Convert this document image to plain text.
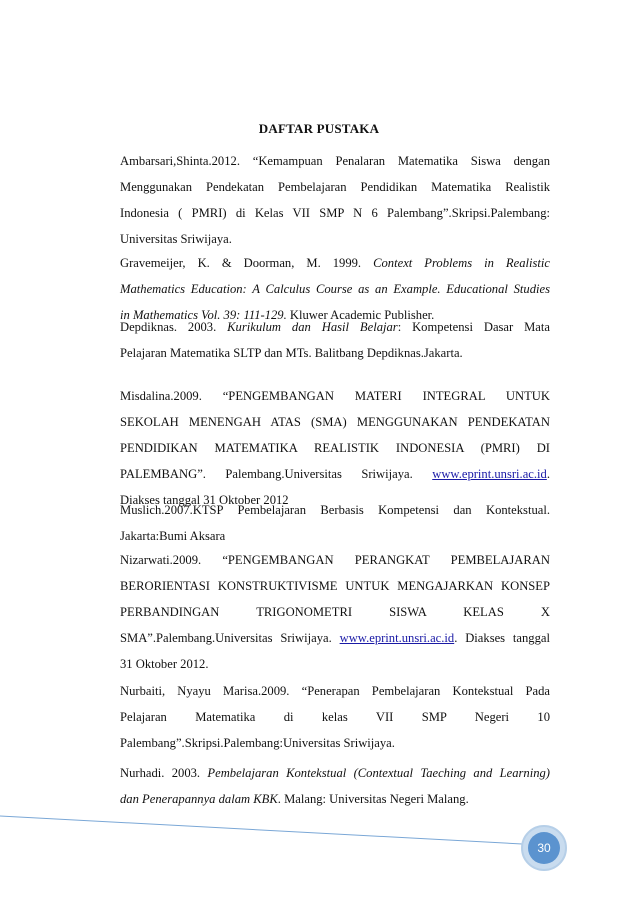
DAFTAR PUSTAKA
Ambarsari,Shinta.2012. “Kemampuan Penalaran Matematika Siswa dengan
Menggunakan Pendekatan Pembelajaran Pendidikan Matematika Realistik
Indonesia ( PMRI) di Kelas VII SMP N 6 Palembang”.Skripsi.Palembang:
Universitas Sriwijaya.
Gravemeijer, K. & Doorman, M. 1999. Context Problems in Realistic
Mathematics Education: A Calculus Course as an Example. Educational Studies
in Mathematics Vol. 39: 111-129. Kluwer Academic Publisher.
Depdiknas. 2003. Kurikulum dan Hasil Belajar: Kompetensi Dasar Mata
Pelajaran Matematika SLTP dan MTs. Balitbang Depdiknas.Jakarta.
Misdalina.2009. “PENGEMBANGAN MATERI INTEGRAL UNTUK
SEKOLAH MENENGAH ATAS (SMA) MENGGUNAKAN PENDEKATAN
PENDIDIKAN MATEMATIKA REALISTIK INDONESIA (PMRI) DI
PALEMBANG”. Palembang.Universitas Sriwijaya. www.eprint.unsri.ac.id.
Diakses tanggal 31 Oktober 2012
Muslich.2007.KTSP Pembelajaran Berbasis Kompetensi dan Kontekstual.
Jakarta:Bumi Aksara
Nizarwati.2009. “PENGEMBANGAN PERANGKAT PEMBELAJARAN
BERORIENTASI KONSTRUKTIVISME UNTUK MENGAJARKAN KONSEP
PERBANDINGAN TRIGONOMETRI SISWA KELAS X
SMA”.Palembang.Universitas Sriwijaya. www.eprint.unsri.ac.id. Diakses tanggal
31 Oktober 2012.
Nurbaiti, Nyayu Marisa.2009. “Penerapan Pembelajaran Kontekstual Pada
Pelajaran Matematika di kelas VII SMP Negeri 10
Palembang”.Skripsi.Palembang:Universitas Sriwijaya.
Nurhadi. 2003. Pembelajaran Kontekstual (Contextual Taeching and Learning)
dan Penerapannya dalam KBK. Malang: Universitas Negeri Malang.
30
